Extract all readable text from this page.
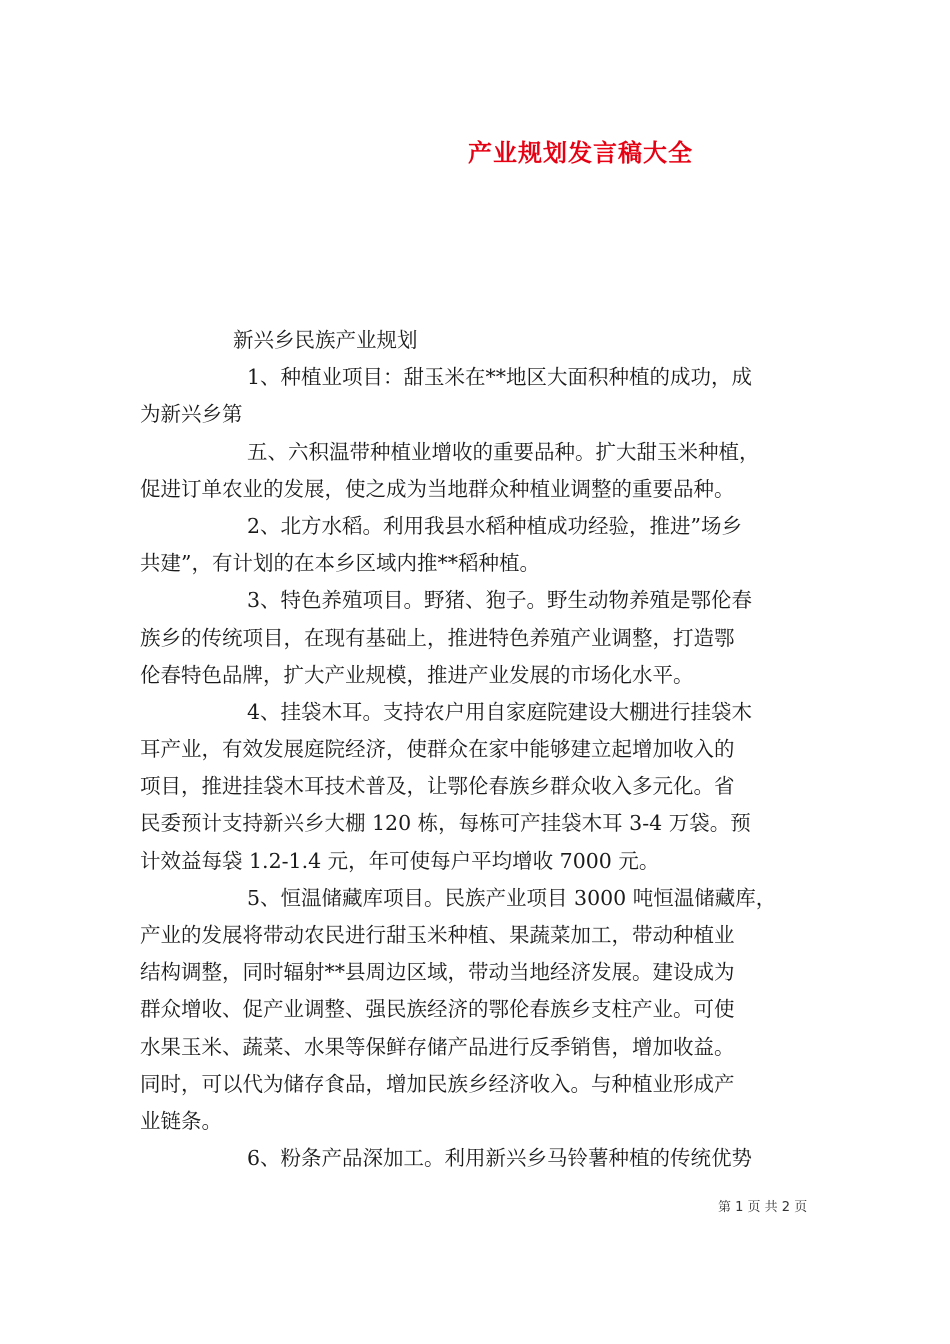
产业规划发言稿大全
新兴乡民族产业规划
1、种植业项目：甜玉米在**地区大面积种植的成功，成
为新兴乡第
五、六积温带种植业增收的重要品种。扩大甜玉米种植，
促进订单农业的发展，使之成为当地群众种植业调整的重要品种。
2、北方水稻。利用我县水稻种植成功经验，推进”场乡
共建”，有计划的在本乡区域内推**稻种植。
3、特色养殖项目。野猪、狍子。野生动物养殖是鄂伦春
族乡的传统项目，在现有基础上，推进特色养殖产业调整，打造鄂
伦春特色品牌，扩大产业规模，推进产业发展的市场化水平。
4、挂袋木耳。支持农户用自家庭院建设大棚进行挂袋木
耳产业，有效发展庭院经济，使群众在家中能够建立起增加收入的
项目，推进挂袋木耳技术普及，让鄂伦春族乡群众收入多元化。省
民委预计支持新兴乡大棚 120 栋，每栋可产挂袋木耳 3-4 万袋。预
计效益每袋 1.2-1.4 元，年可使每户平均增收 7000 元。
5、恒温储藏库项目。民族产业项目 3000 吨恒温储藏库，
产业的发展将带动农民进行甜玉米种植、果蔬菜加工，带动种植业
结构调整，同时辐射**县周边区域，带动当地经济发展。建设成为
群众增收、促产业调整、强民族经济的鄂伦春族乡支柱产业。可使
水果玉米、蔬菜、水果等保鲜存储产品进行反季销售，增加收益。
同时，可以代为储存食品，增加民族乡经济收入。与种植业形成产
业链条。
6、粉条产品深加工。利用新兴乡马铃薯种植的传统优势
第 1 页 共 2 页
